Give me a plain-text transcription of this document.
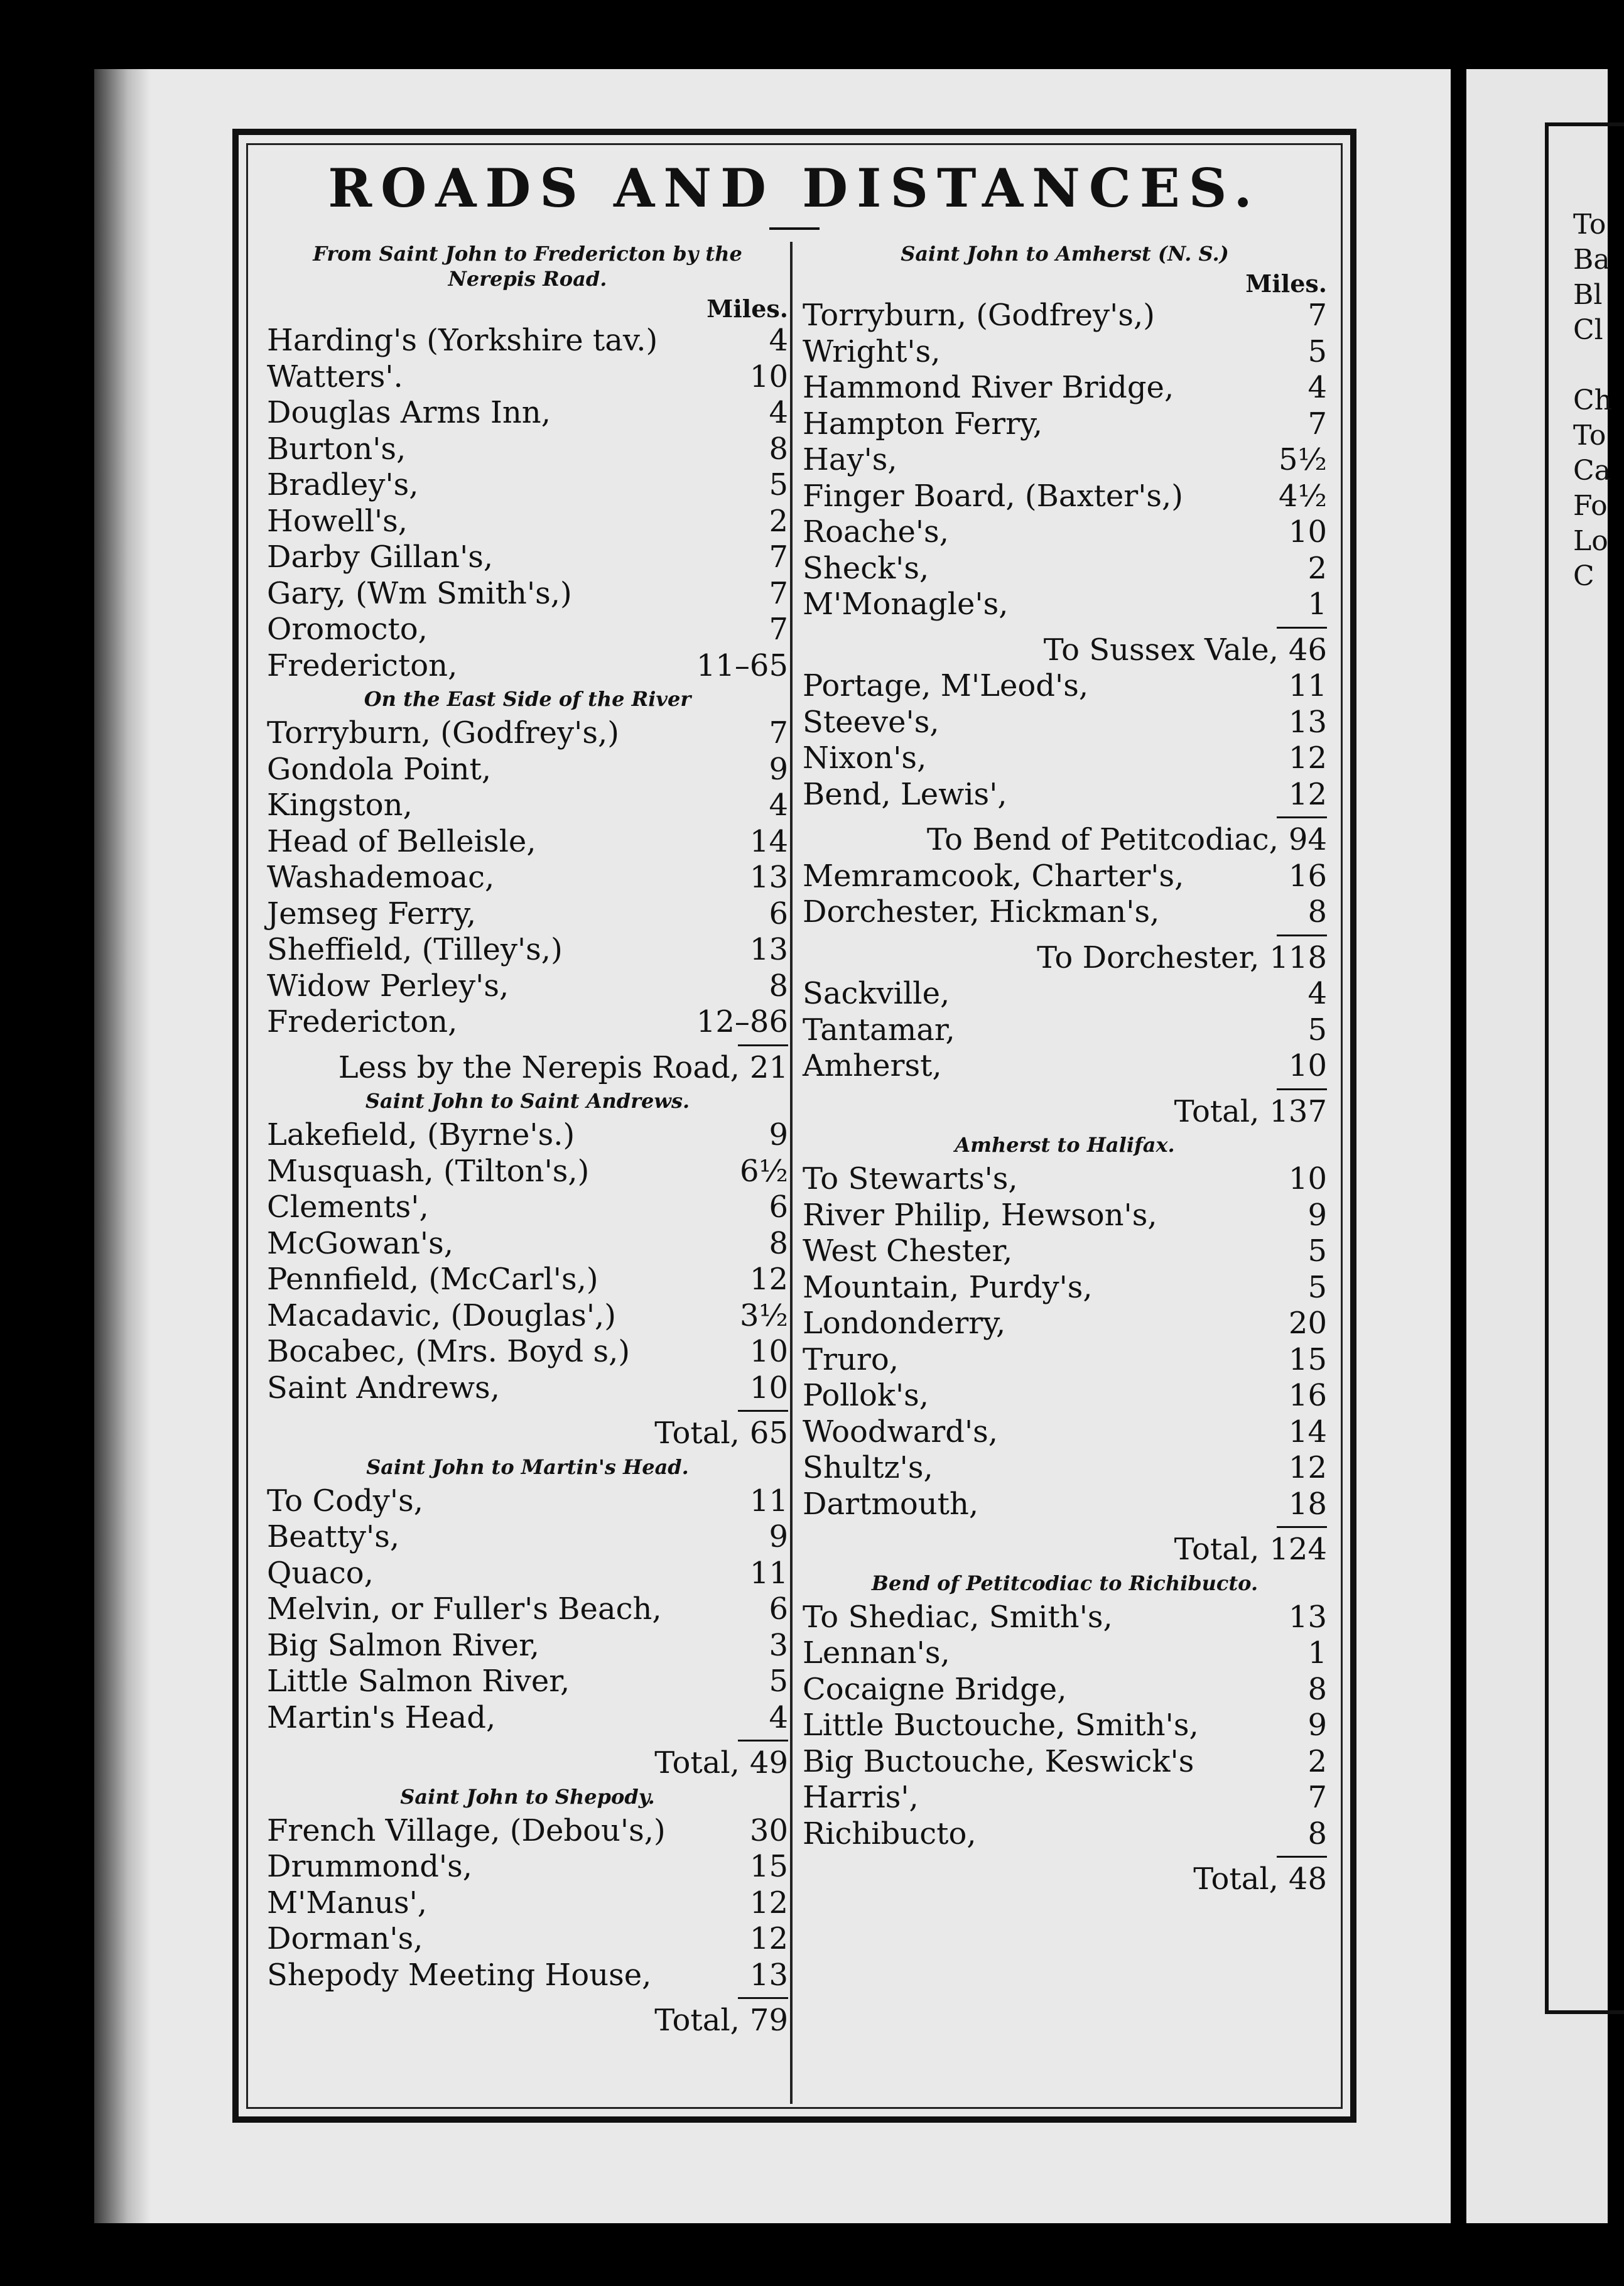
To
Ba
Bl
Cl

Ch
To
Ca
Fo
Lo
C
ROADS AND DISTANCES.
From Saint John to Fredericton by the Nerepis Road.
Miles.
Harding's (Yorkshire tav.)	4
Watters'.	10
Douglas Arms Inn,	4
Burton's,	8
Bradley's,	5
Howell's,	2
Darby Gillan's,	7
Gary, (Wm Smith's,)	7
Oromocto,	7
Fredericton,	11–65
On the East Side of the River
Torryburn, (Godfrey's,)	7
Gondola Point,	9
Kingston,	4
Head of Belleisle,	14
Washademoac,	13
Jemseg Ferry,	6
Sheffield, (Tilley's,)	13
Widow Perley's,	8
Fredericton,	12–86
Less by the Nerepis Road, 21
Saint John to Saint Andrews.
Lakefield, (Byrne's.)	9
Musquash, (Tilton's,)	6½
Clements',	6
McGowan's,	8
Pennfield, (McCarl's,)	12
Macadavic, (Douglas',)	3½
Bocabec, (Mrs. Boyd s,)	10
Saint Andrews,	10
Total, 65
Saint John to Martin's Head.
To Cody's,	11
Beatty's,	9
Quaco,	11
Melvin, or Fuller's Beach,	6
Big Salmon River,	3
Little Salmon River,	5
Martin's Head,	4
Total, 49
Saint John to Shepody.
French Village, (Debou's,)	30
Drummond's,	15
M'Manus',	12
Dorman's,	12
Shepody Meeting House,	13
Total, 79
Saint John to Amherst (N. S.)
Miles.
Torryburn, (Godfrey's,)	7
Wright's,	5
Hammond River Bridge,	4
Hampton Ferry,	7
Hay's,	5½
Finger Board, (Baxter's,)	4½
Roache's,	10
Sheck's,	2
M'Monagle's,	1
To Sussex Vale, 46
Portage, M'Leod's,	11
Steeve's,	13
Nixon's,	12
Bend, Lewis',	12
To Bend of Petitcodiac, 94
Memramcook, Charter's,	16
Dorchester, Hickman's,	8
To Dorchester, 118
Sackville,	4
Tantamar,	5
Amherst,	10
Total, 137
Amherst to Halifax.
To Stewarts's,	10
River Philip, Hewson's,	9
West Chester,	5
Mountain, Purdy's,	5
Londonderry,	20
Truro,	15
Pollok's,	16
Woodward's,	14
Shultz's,	12
Dartmouth,	18
Total, 124
Bend of Petitcodiac to Richibucto.
To Shediac, Smith's,	13
Lennan's,	1
Cocaigne Bridge,	8
Little Buctouche, Smith's,	9
Big Buctouche, Keswick's	2
Harris',	7
Richibucto,	8
Total, 48
